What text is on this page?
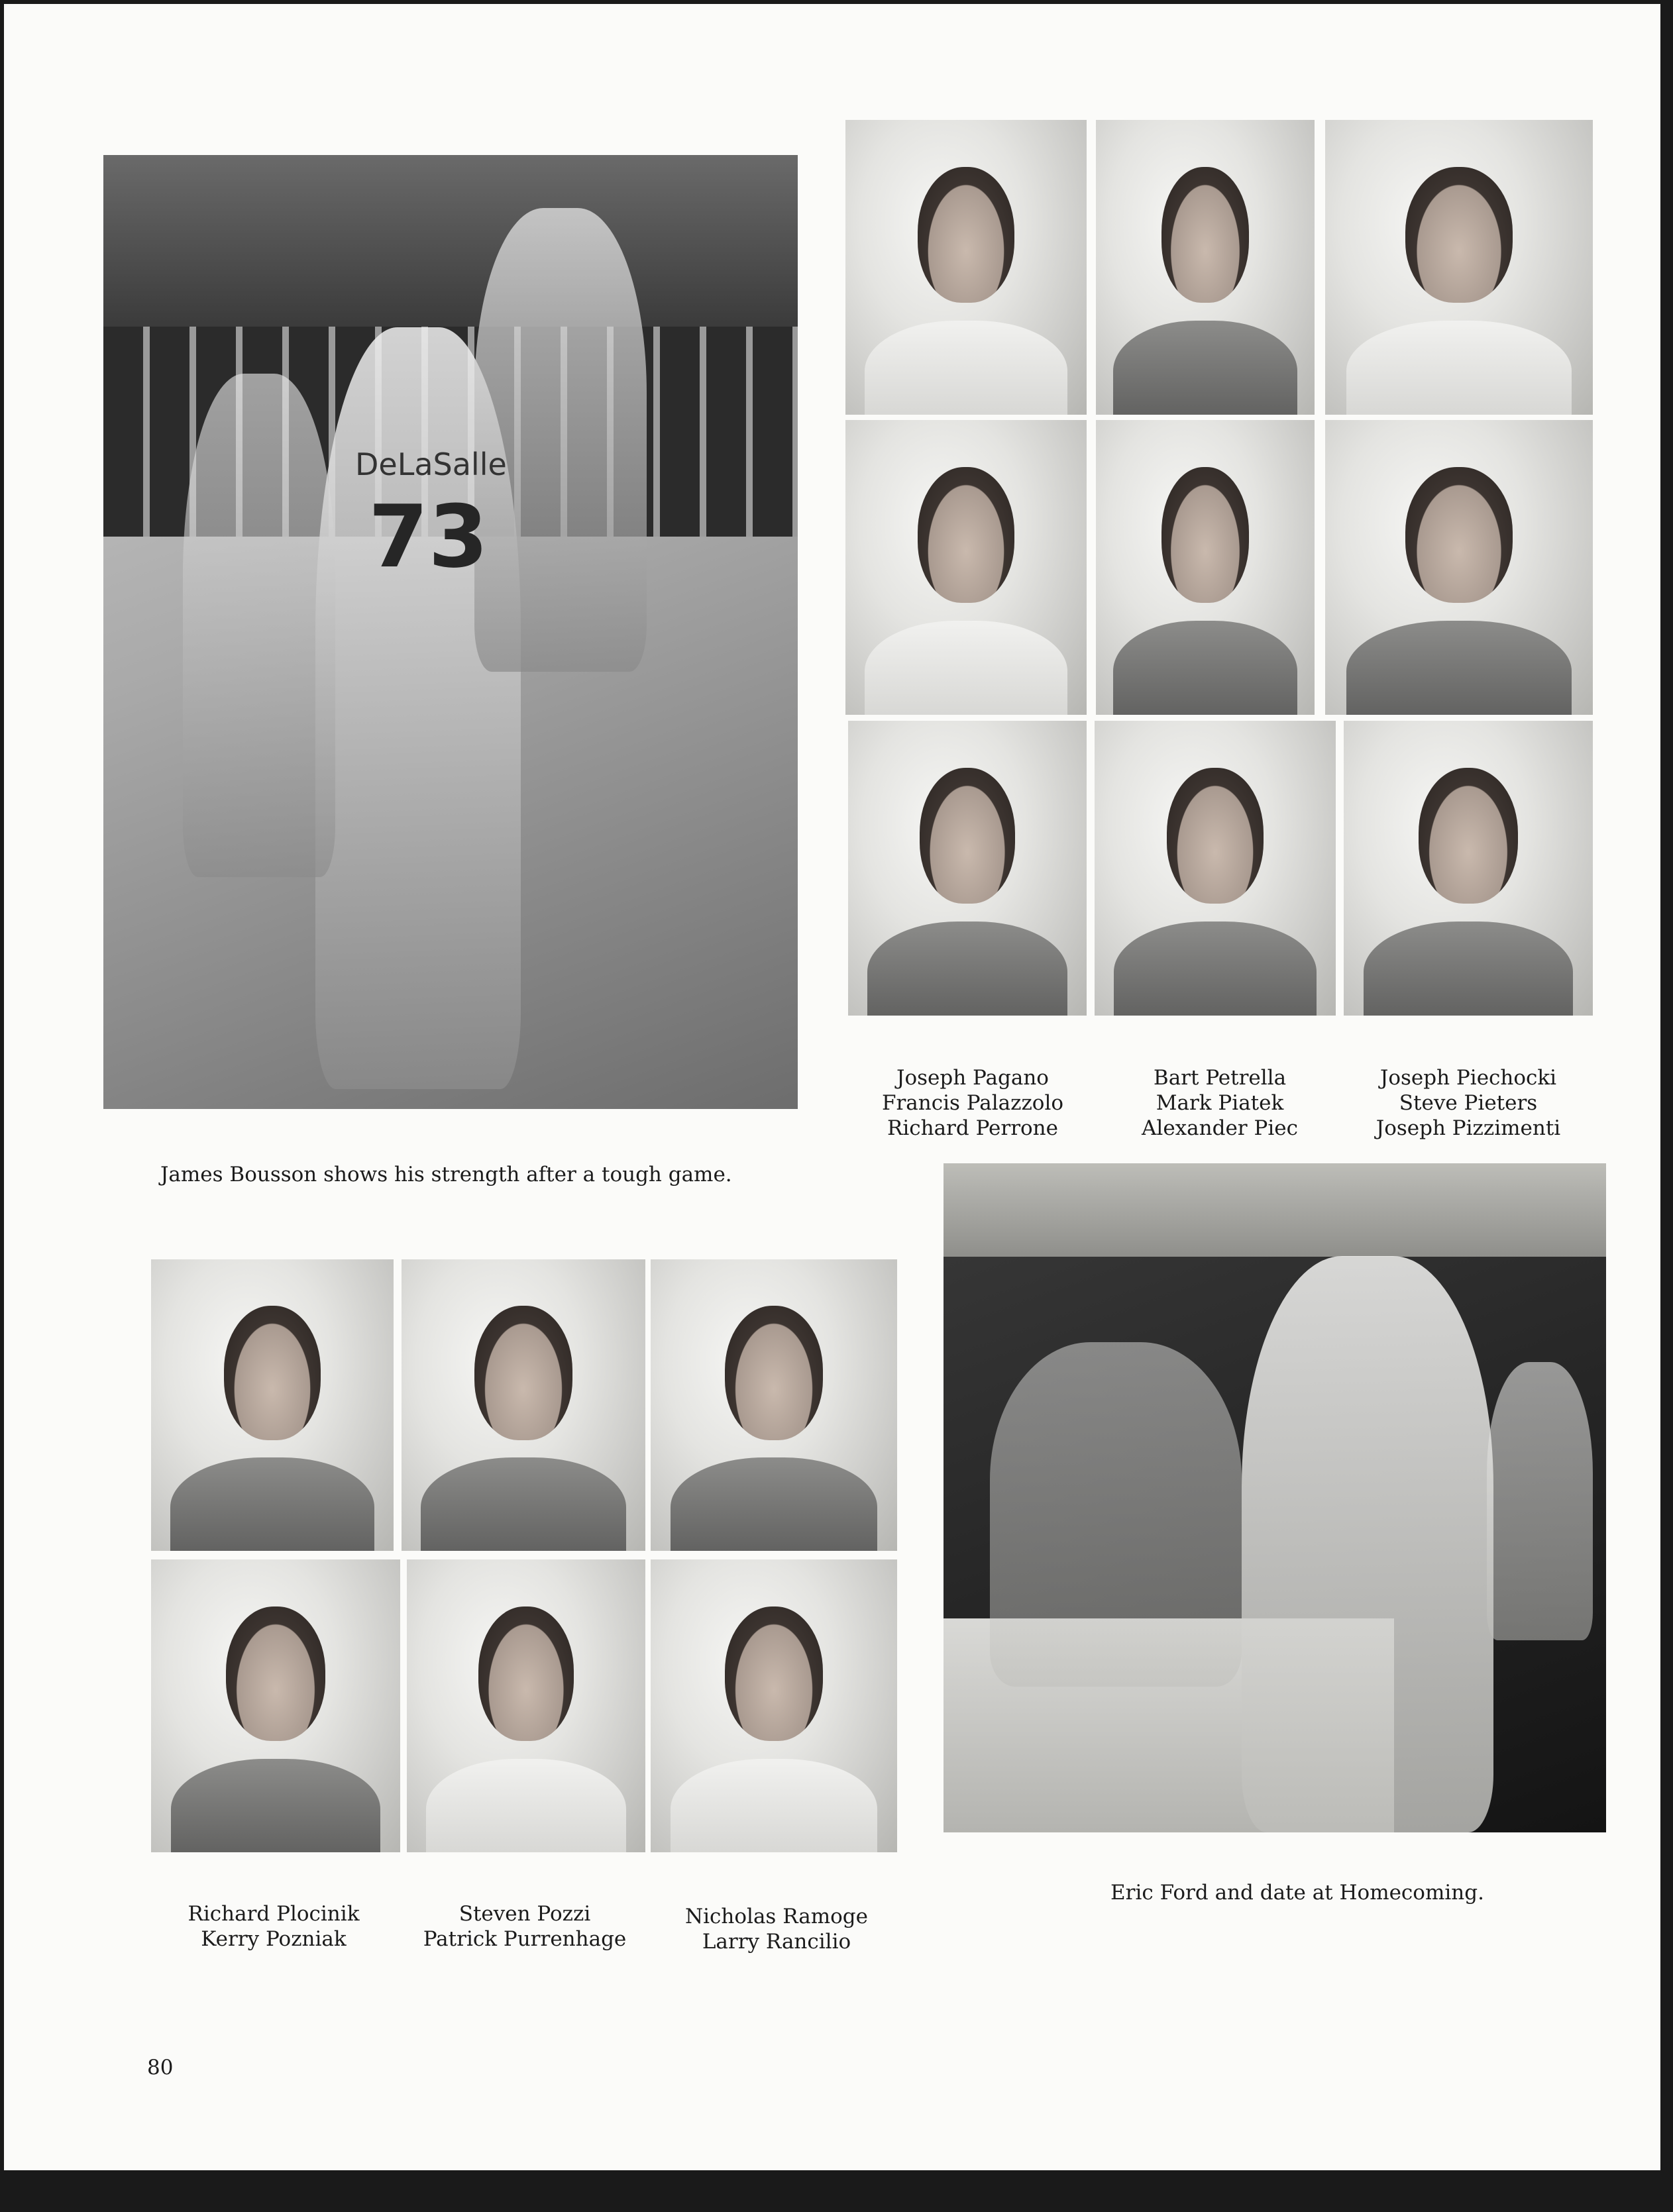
DeLaSalle
73
James Bousson shows his strength after a tough game.
Joseph Pagano
Francis Palazzolo
Richard Perrone
Bart Petrella
Mark Piatek
Alexander Piec
Joseph Piechocki
Steve Pieters
Joseph Pizzimenti
Richard Plocinik
Kerry Pozniak
Steven Pozzi
Patrick Purrenhage
Nicholas Ramoge
Larry Rancilio
Eric Ford and date at Homecoming.
80
